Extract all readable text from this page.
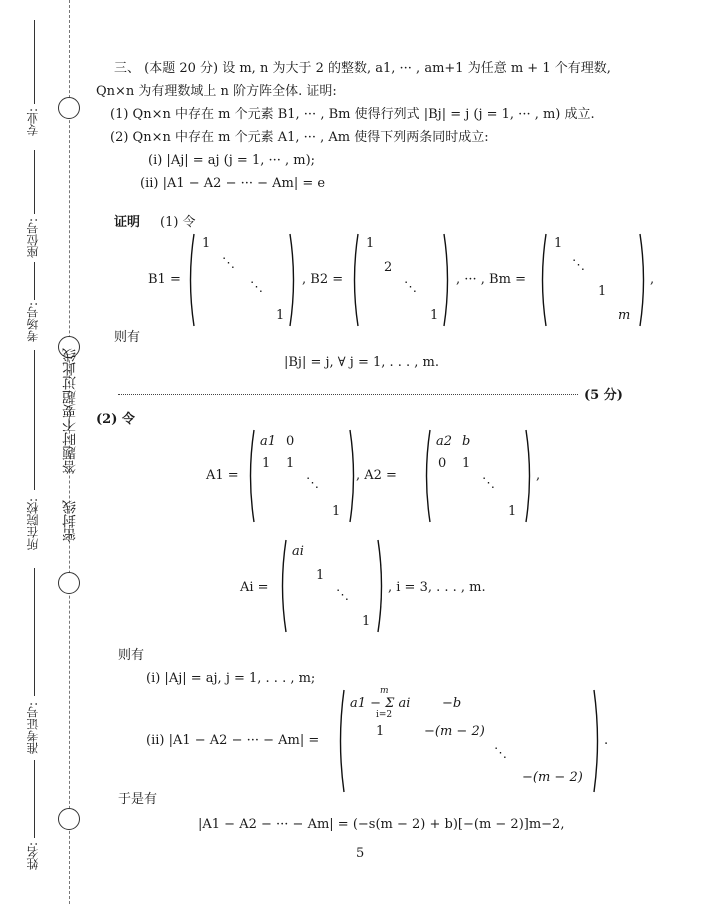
专业:
座位号:
考场号:
所在院校:
准考证号:
姓名:
答题时不要超过此线
密封线
三、 (本题 20 分) 设 m, n 为大于 2 的整数, a1, ··· , am+1 为任意 m + 1 个有理数,
Qn×n 为有理数域上 n 阶方阵全体. 证明:
(1) Qn×n 中存在 m 个元素 B1, ··· , Bm 使得行列式 |Bj| = j (j = 1, ··· , m) 成立.
(2) Qn×n 中存在 m 个元素 A1, ··· , Am 使得下列两条同时成立:
(i) |Aj| = aj (j = 1, ··· , m);
(ii) |A1 − A2 − ··· − Am| = e
证明 (1) 令
B1 =
1
⋱
⋱
1
, B2 =
1
2
⋱
1
, ··· , Bm =
1
⋱
1
m
,
则有
|Bj| = j, ∀ j = 1, . . . , m.
(5 分)
(2) 令
A1 =
a1 0
1 1
⋱
1
, A2 =
a2 b
0 1
⋱
1
,
Ai =
ai
1
⋱
1
, i = 3, . . . , m.
则有
(i) |Aj| = aj, j = 1, . . . , m;
(ii) |A1 − A2 − ··· − Am| =
m
a1 − Σ ai
i=2
−b
1	−(m − 2)
⋱
−(m − 2)
.
于是有
|A1 − A2 − ··· − Am| = (−s(m − 2) + b)[−(m − 2)]m−2,
5
